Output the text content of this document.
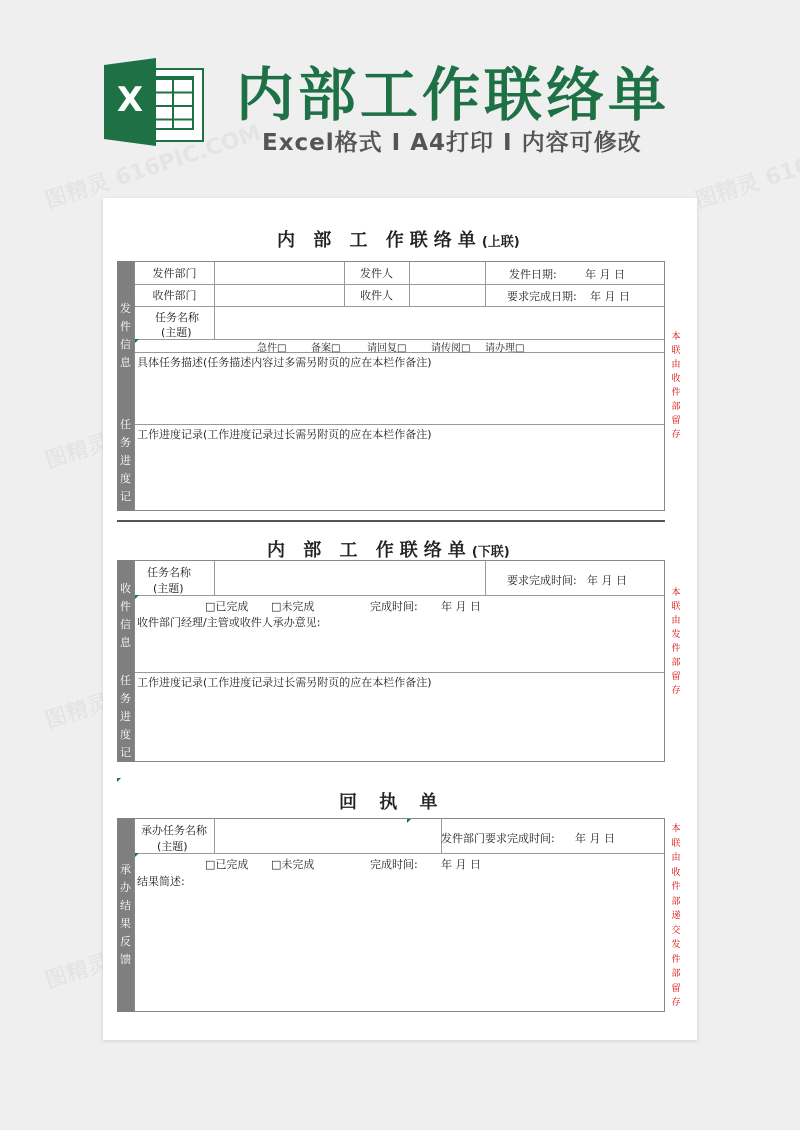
X 内部工作联络单
Excel格式 I A4打印 I 内容可修改
内 部 工 作联络单(上联)
发
件
信
息
任
务
进
度
记
发件部门	发件人	发件日期:	年 月 日
收件部门	收件人	要求完成日期: 年 月 日
任务名称
(主题)
急件□ 备案□	请回复□ 请传阅□ 请办理□
具体任务描述(任务描述内容过多需另附页的应在本栏作备注)
工作进度记录(工作进度记录过长需另附页的应在本栏作备注)
本
联
由
收
件
部
留
存
内 部 工 作联络单(下联)
收
件
信
息
任
务
进
度
记
任务名称
(主题)
要求完成时间: 年 月 日
□已完成 □未完成	完成时间: 年 月 日
收件部门经理/主管或收件人承办意见:
工作进度记录(工作进度记录过长需另附页的应在本栏作备注)
本
联
由
发
件
部
留
存
回 执 单
承
办
结
果
反
馈
承办任务名称
(主题)
发件部门要求完成时间: 年 月 日
□已完成 □未完成	完成时间: 年 月 日
结果简述:
本
联
由
收
件
部
递
交
发
件
部
留
存
